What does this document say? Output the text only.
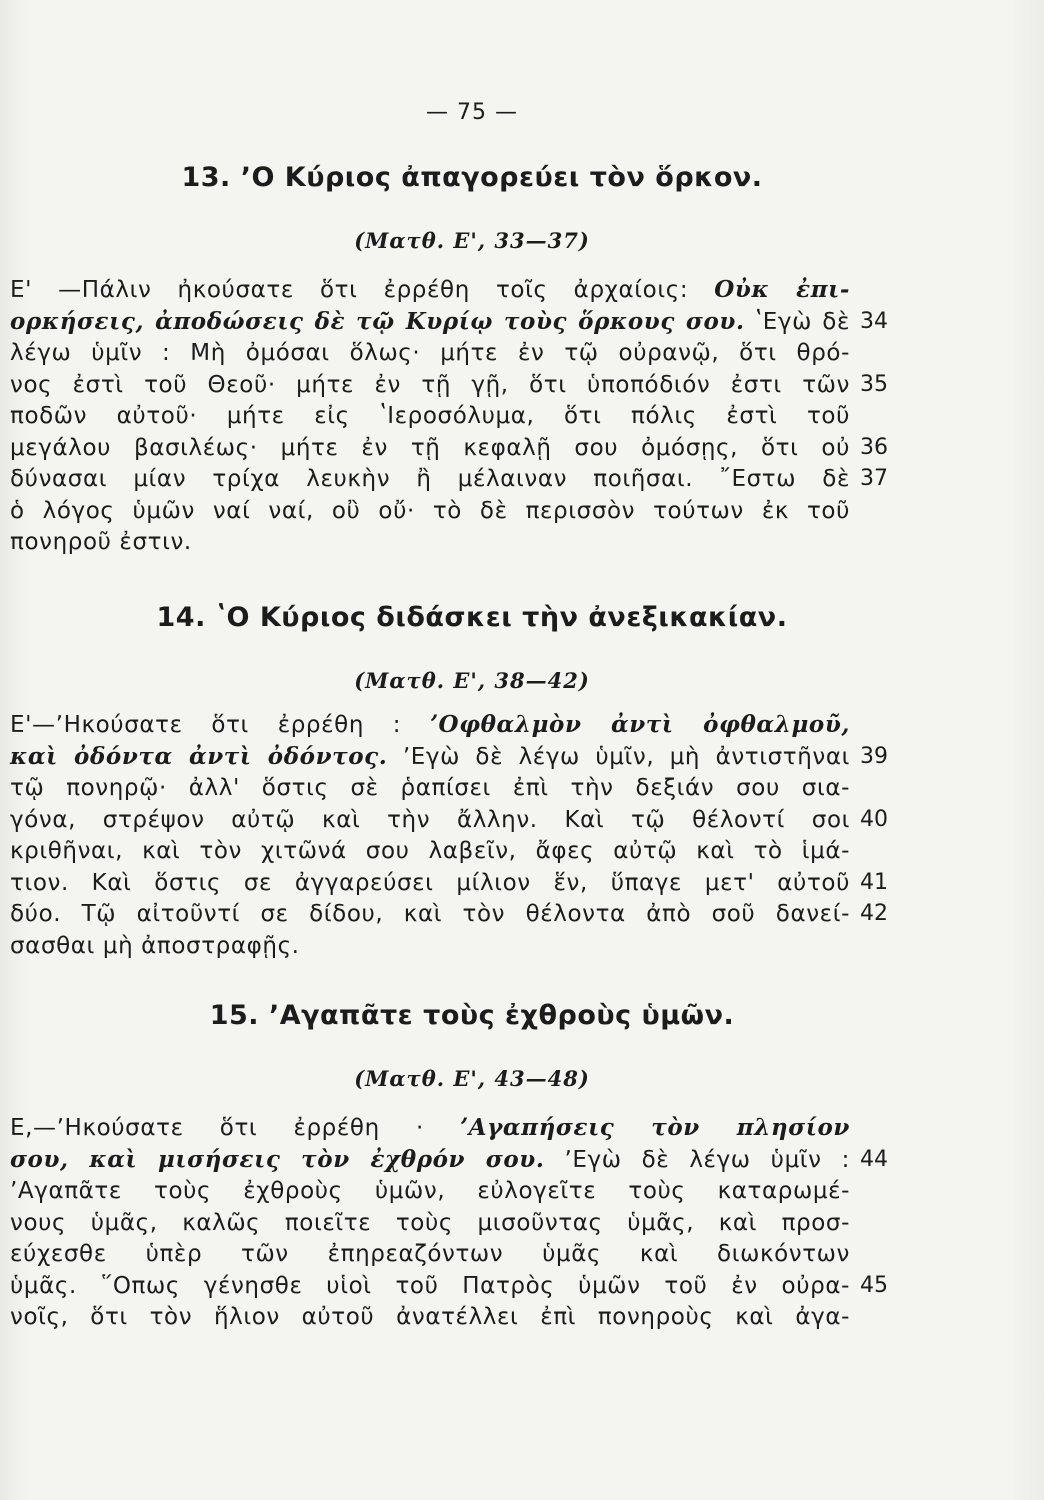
— 75 —
13. ʼΟ Κύριος ἀπαγορεύει τὸν ὅρκον.
(Ματθ. Ε', 33—37)
Ε' —Πάλιν ἠκούσατε ὅτι ἐρρέθη τοῖς ἀρχαίοις: Οὐκ ἐπι-
ορκήσεις, ἀποδώσεις δὲ τῷ Κυρίῳ τοὺς ὅρκους σου. ʽΕγὼ δὲ 34
λέγω ὑμῖν : Μὴ ὀμόσαι ὅλως· μήτε ἐν τῷ οὐρανῷ, ὅτι θρό-
νος ἐστὶ τοῦ Θεοῦ· μήτε ἐν τῇ γῇ, ὅτι ὑποπόδιόν ἐστι τῶν 35
ποδῶν αὐτοῦ· μήτε εἰς ʽΙεροσόλυμα, ὅτι πόλις ἐστὶ τοῦ
μεγάλου βασιλέως· μήτε ἐν τῇ κεφαλῇ σου ὀμόσῃς, ὅτι οὐ 36
δύνασαι μίαν τρίχα λευκὴν ἢ μέλαιναν ποιῆσαι. ῎Εστω δὲ 37
ὁ λόγος ὑμῶν ναί ναί, οὒ οὔ· τὸ δὲ περισσὸν τούτων ἐκ τοῦ
πονηροῦ ἐστιν.
14. ʽΟ Κύριος διδάσκει τὴν ἀνεξικακίαν.
(Ματθ. Ε', 38—42)
Ε'—ʼΗκούσατε ὅτι ἐρρέθη : ʼΟφθαλμὸν ἀντὶ ὀφθαλμοῦ,
καὶ ὀδόντα ἀντὶ ὀδόντος. ʼΕγὼ δὲ λέγω ὑμῖν, μὴ ἀντιστῆναι 39
τῷ πονηρῷ· ἀλλ' ὅστις σὲ ῥαπίσει ἐπὶ τὴν δεξιάν σου σια-
γόνα, στρέψον αὐτῷ καὶ τὴν ἄλλην. Καὶ τῷ θέλοντί σοι 40
κριθῆναι, καὶ τὸν χιτῶνά σου λαβεῖν, ἄφες αὐτῷ καὶ τὸ ἱμά-
τιον. Καὶ ὅστις σε ἀγγαρεύσει μίλιον ἕν, ὕπαγε μετ' αὐτοῦ 41
δύο. Τῷ αἰτοῦντί σε δίδου, καὶ τὸν θέλοντα ἀπὸ σοῦ δανεί- 42
σασθαι μὴ ἀποστραφῇς.
15. ʼΑγαπᾶτε τοὺς ἐχθροὺς ὑμῶν.
(Ματθ. Ε', 43—48)
Ε,—ʼΗκούσατε ὅτι ἐρρέθη · ʼΑγαπήσεις τὸν πλησίον
σου, καὶ μισήσεις τὸν ἐχθρόν σου. ʼΕγὼ δὲ λέγω ὑμῖν : 44
ʼΑγαπᾶτε τοὺς ἐχθροὺς ὑμῶν, εὐλογεῖτε τοὺς καταρωμέ-
νους ὑμᾶς, καλῶς ποιεῖτε τοὺς μισοῦντας ὑμᾶς, καὶ προσ-
εύχεσθε ὑπὲρ τῶν ἐπηρεαζόντων ὑμᾶς καὶ διωκόντων
ὑμᾶς. ῞Οπως γένησθε υἱοὶ τοῦ Πατρὸς ὑμῶν τοῦ ἐν οὐρα- 45
νοῖς, ὅτι τὸν ἥλιον αὐτοῦ ἀνατέλλει ἐπὶ πονηροὺς καὶ ἀγα-
